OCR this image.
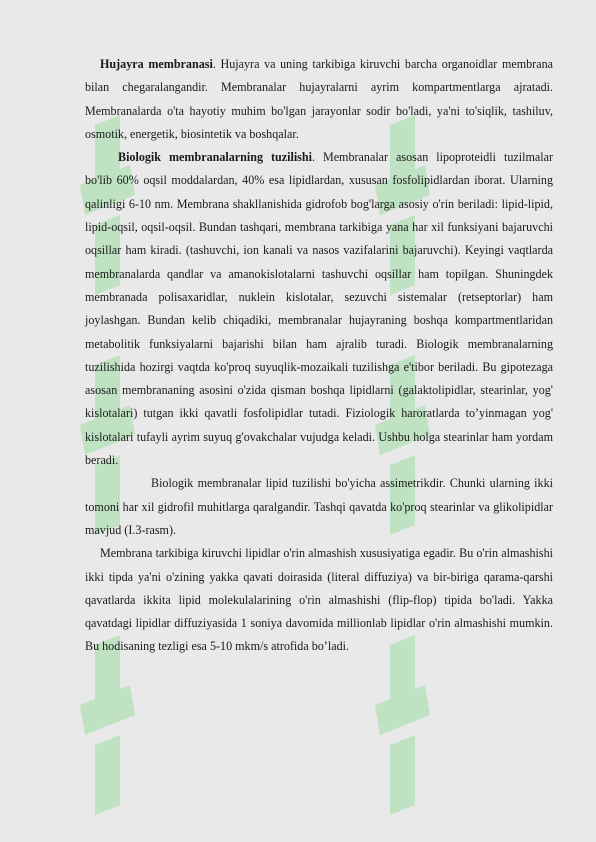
Hujayra membranasi. Hujayra va uning tarkibiga kiruvchi barcha organoidlar membrana bilan chegaralangandir. Membranalar hujayralarni ayrim kompartmentlarga ajratadi. Membranalarda o'ta hayotiy muhim bo'lgan jarayonlar sodir bo'ladi, ya'ni to'siqlik, tashiluv, osmotik, energetik, biosintetik va boshqalar.

Biologik membranalarning tuzilishi. Membranalar asosan lipoproteidli tuzilmalar bo'lib 60% oqsil moddalardan, 40% esa lipidlardan, xususan fosfolipidlardan iborat. Ularning qalinligi 6-10 nm. Membrana shakllanishida gidrofob bog'larga asosiy o'rin beriladi: lipid-lipid, lipid-oqsil, oqsil-oqsil. Bundan tashqari, membrana tarkibiga yana har xil funksiyani bajaruvchi oqsillar ham kiradi. (tashuvchi, ion kanali va nasos vazifalarini bajaruvchi). Keyingi vaqtlarda membranalarda qandlar va amanokislotalarni tashuvchi oqsillar ham topilgan. Shuningdek membranada polisaxaridlar, nuklein kislotalar, sezuvchi sistemalar (retseptorlar) ham joylashgan. Bundan kelib chiqadiki, membranalar hujayraning boshqa kompartmentlaridan metabolitik funksiyalarni bajarishi bilan ham ajralib turadi. Biologik membranalarning tuzilishida hozirgi vaqtda ko'proq suyuqlik-mozaikali tuzilishga e'tibor beriladi. Bu gipotezaga asosan membrananing asosini o'zida qisman boshqa lipidlarni (galaktolipidlar, stearinlar, yog' kislotalari) tutgan ikki qavatli fosfolipidlar tutadi. Fiziologik haroratlarda to’yinmagan yog' kislotalari tufayli ayrim suyuq g'ovakchalar vujudga keladi. Ushbu holga stearinlar ham yordam beradi.

Biologik membranalar lipid tuzilishi bo'yicha assimetrikdir. Chunki ularning ikki tomoni har xil gidrofil muhitlarga qaralgandir. Tashqi qavatda ko'proq stearinlar va glikolipidlar mavjud (I.3-rasm).

Membrana tarkibiga kiruvchi lipidlar o'rin almashish xususiyatiga egadir. Bu o'rin almashishi ikki tipda ya'ni o'zining yakka qavati doirasida (literal diffuziya) va bir-biriga qarama-qarshi qavatlarda ikkita lipid molekulalarining o'rin almashishi (flip-flop) tipida bo'ladi. Yakka qavatdagi lipidlar diffuziyasida 1 soniya davomida millionlab lipidlar o'rin almashishi mumkin. Bu hodisaning tezligi esa 5-10 mkm/s atrofida bo’ladi.
